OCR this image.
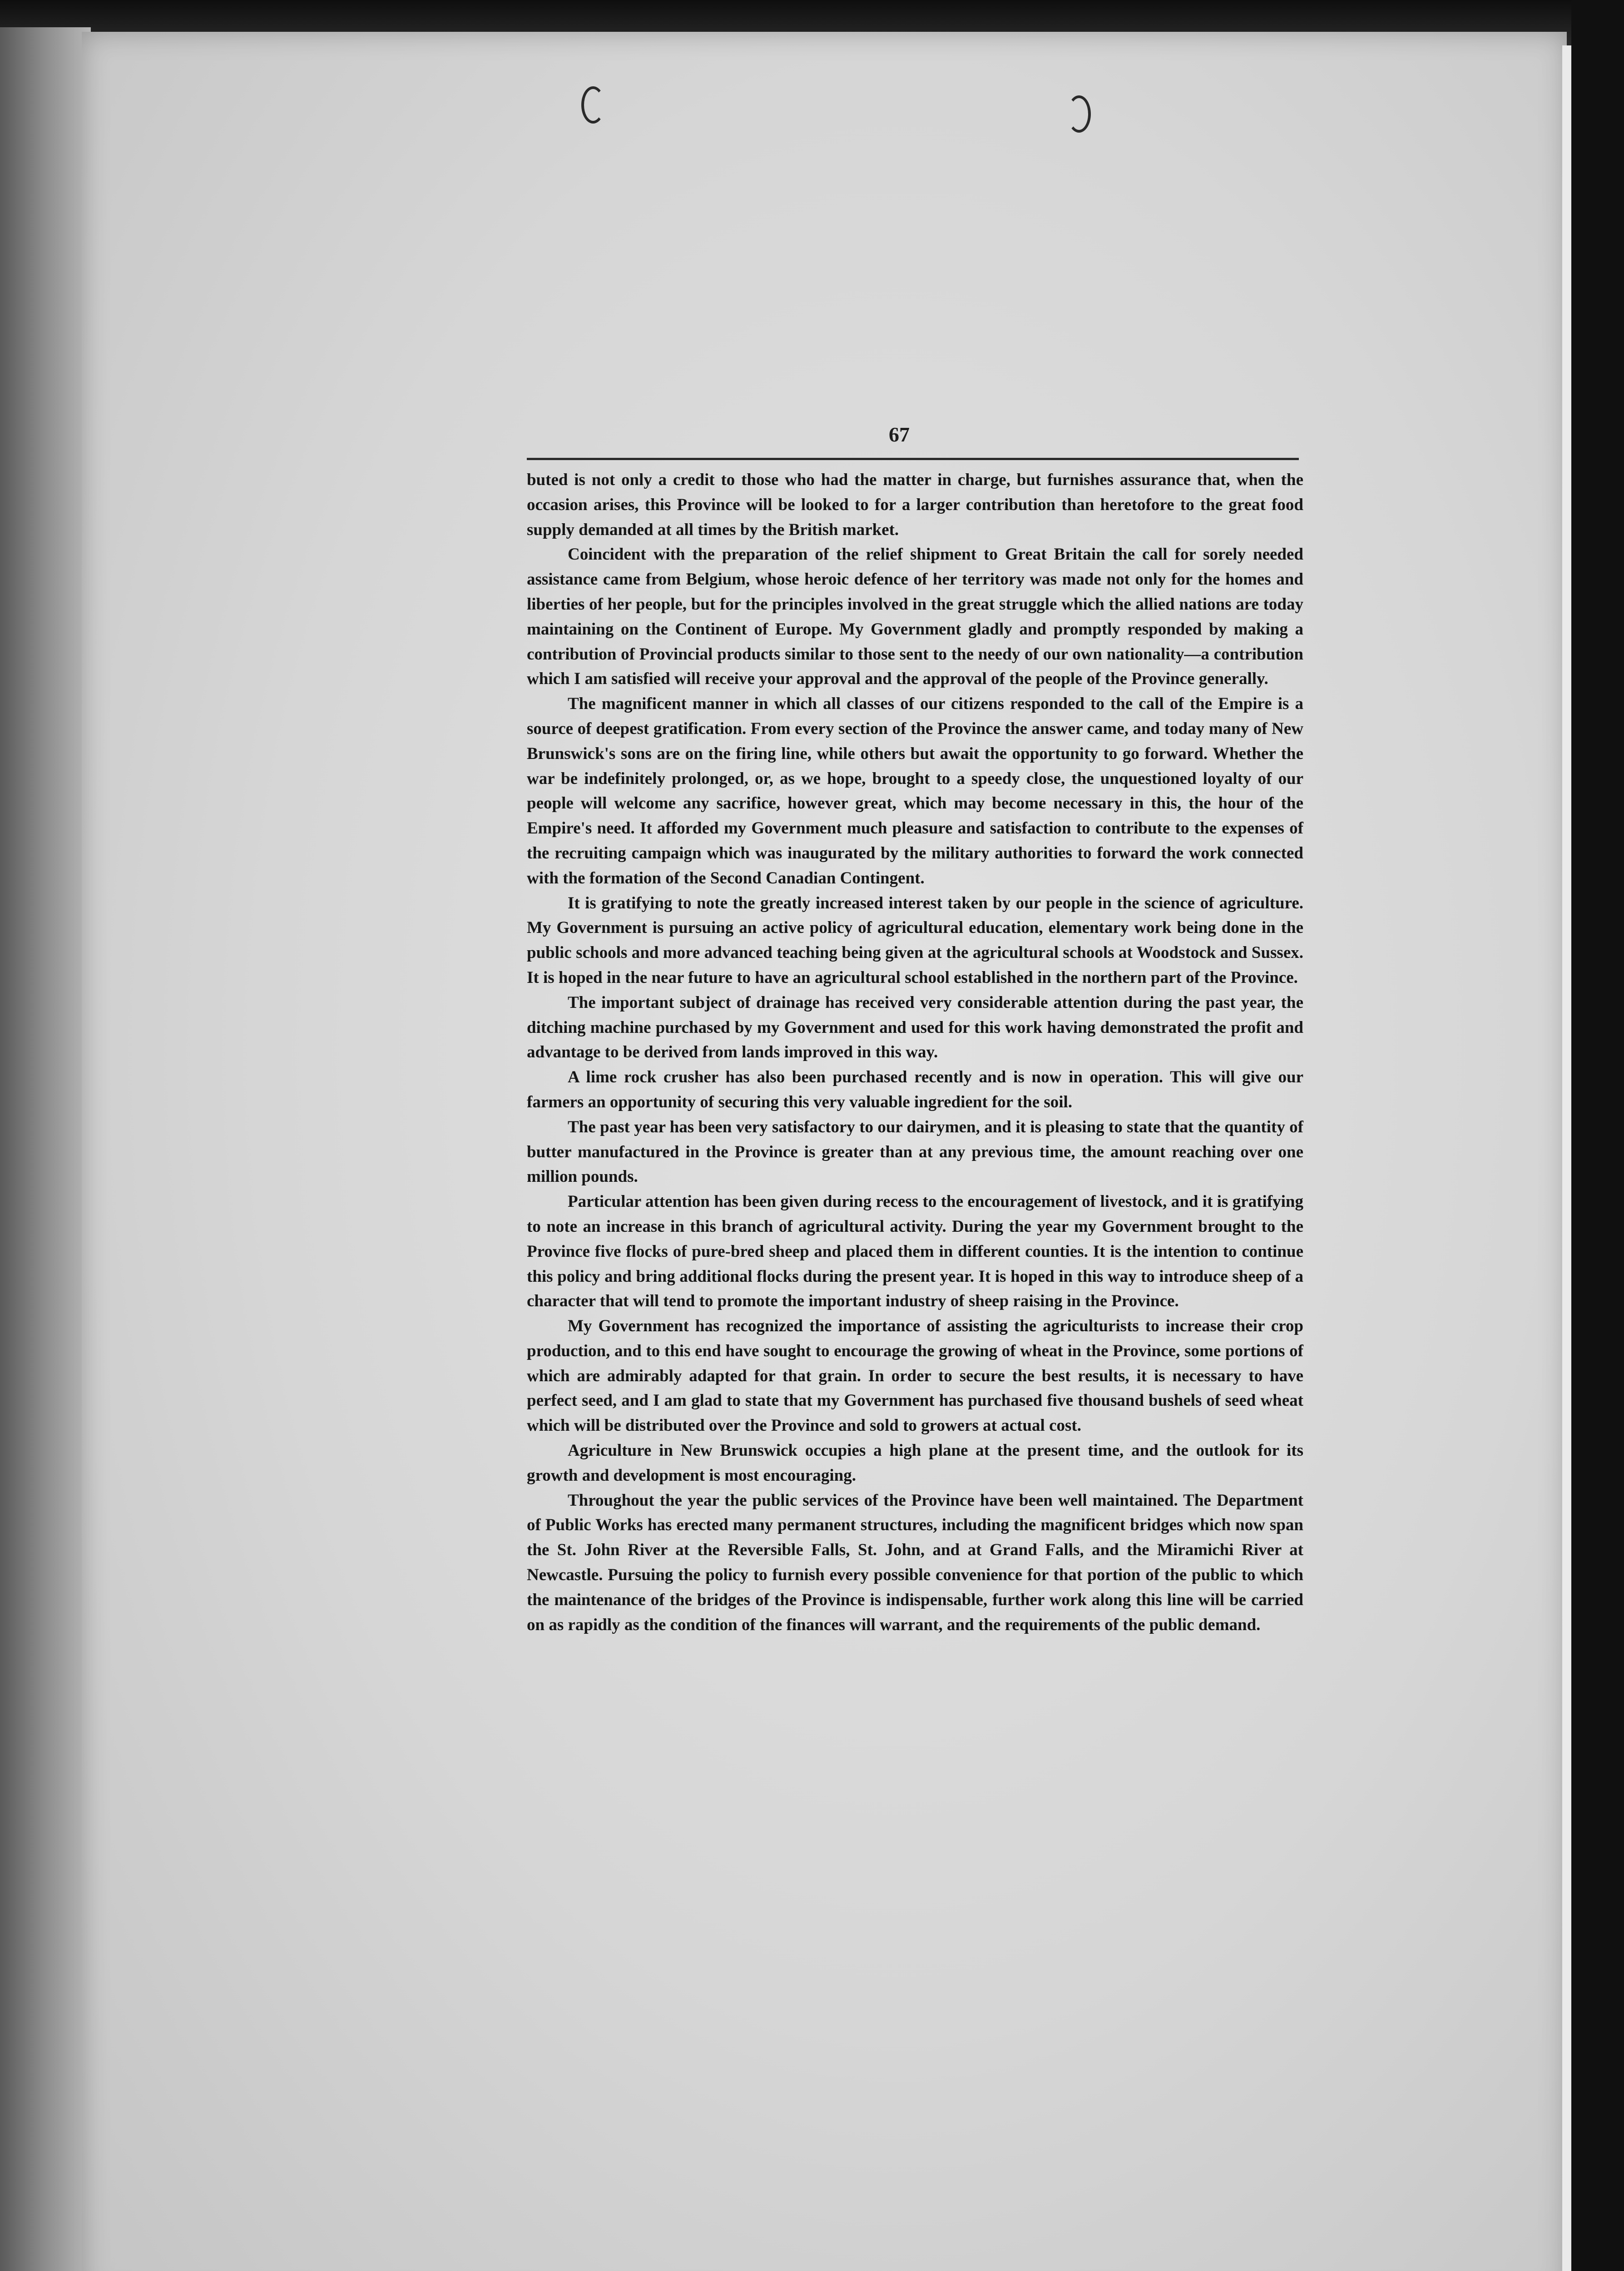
67

buted is not only a credit to those who had the matter in charge, but furnishes assurance that, when the occasion arises, this Province will be looked to for a larger contribution than heretofore to the great food supply demanded at all times by the British market.

Coincident with the preparation of the relief shipment to Great Britain the call for sorely needed assistance came from Belgium, whose heroic defence of her territory was made not only for the homes and liberties of her people, but for the principles involved in the great struggle which the allied nations are today maintaining on the Continent of Europe. My Government gladly and promptly responded by making a contribution of Provincial products similar to those sent to the needy of our own nationality—a contribution which I am satisfied will receive your approval and the approval of the people of the Province generally.

The magnificent manner in which all classes of our citizens responded to the call of the Empire is a source of deepest gratification. From every section of the Province the answer came, and today many of New Brunswick's sons are on the firing line, while others but await the opportunity to go forward. Whether the war be indefinitely prolonged, or, as we hope, brought to a speedy close, the unquestioned loyalty of our people will welcome any sacrifice, however great, which may become necessary in this, the hour of the Empire's need. It afforded my Government much pleasure and satisfaction to contribute to the expenses of the recruiting campaign which was inaugurated by the military authorities to forward the work connected with the formation of the Second Canadian Contingent.

It is gratifying to note the greatly increased interest taken by our people in the science of agriculture. My Government is pursuing an active policy of agricultural education, elementary work being done in the public schools and more advanced teaching being given at the agricultural schools at Woodstock and Sussex. It is hoped in the near future to have an agricultural school established in the northern part of the Province.

The important subject of drainage has received very considerable attention during the past year, the ditching machine purchased by my Government and used for this work having demonstrated the profit and advantage to be derived from lands improved in this way.

A lime rock crusher has also been purchased recently and is now in operation. This will give our farmers an opportunity of securing this very valuable ingredient for the soil.

The past year has been very satisfactory to our dairymen, and it is pleasing to state that the quantity of butter manufactured in the Province is greater than at any previous time, the amount reaching over one million pounds.

Particular attention has been given during recess to the encouragement of livestock, and it is gratifying to note an increase in this branch of agricultural activity. During the year my Government brought to the Province five flocks of pure-bred sheep and placed them in different counties. It is the intention to continue this policy and bring additional flocks during the present year. It is hoped in this way to introduce sheep of a character that will tend to promote the important industry of sheep raising in the Province.

My Government has recognized the importance of assisting the agriculturists to increase their crop production, and to this end have sought to encourage the growing of wheat in the Province, some portions of which are admirably adapted for that grain. In order to secure the best results, it is necessary to have perfect seed, and I am glad to state that my Government has purchased five thousand bushels of seed wheat which will be distributed over the Province and sold to growers at actual cost.

Agriculture in New Brunswick occupies a high plane at the present time, and the outlook for its growth and development is most encouraging.

Throughout the year the public services of the Province have been well maintained. The Department of Public Works has erected many permanent structures, including the magnificent bridges which now span the St. John River at the Reversible Falls, St. John, and at Grand Falls, and the Miramichi River at Newcastle. Pursuing the policy to furnish every possible convenience for that portion of the public to which the maintenance of the bridges of the Province is indispensable, further work along this line will be carried on as rapidly as the condition of the finances will warrant, and the requirements of the public demand.
